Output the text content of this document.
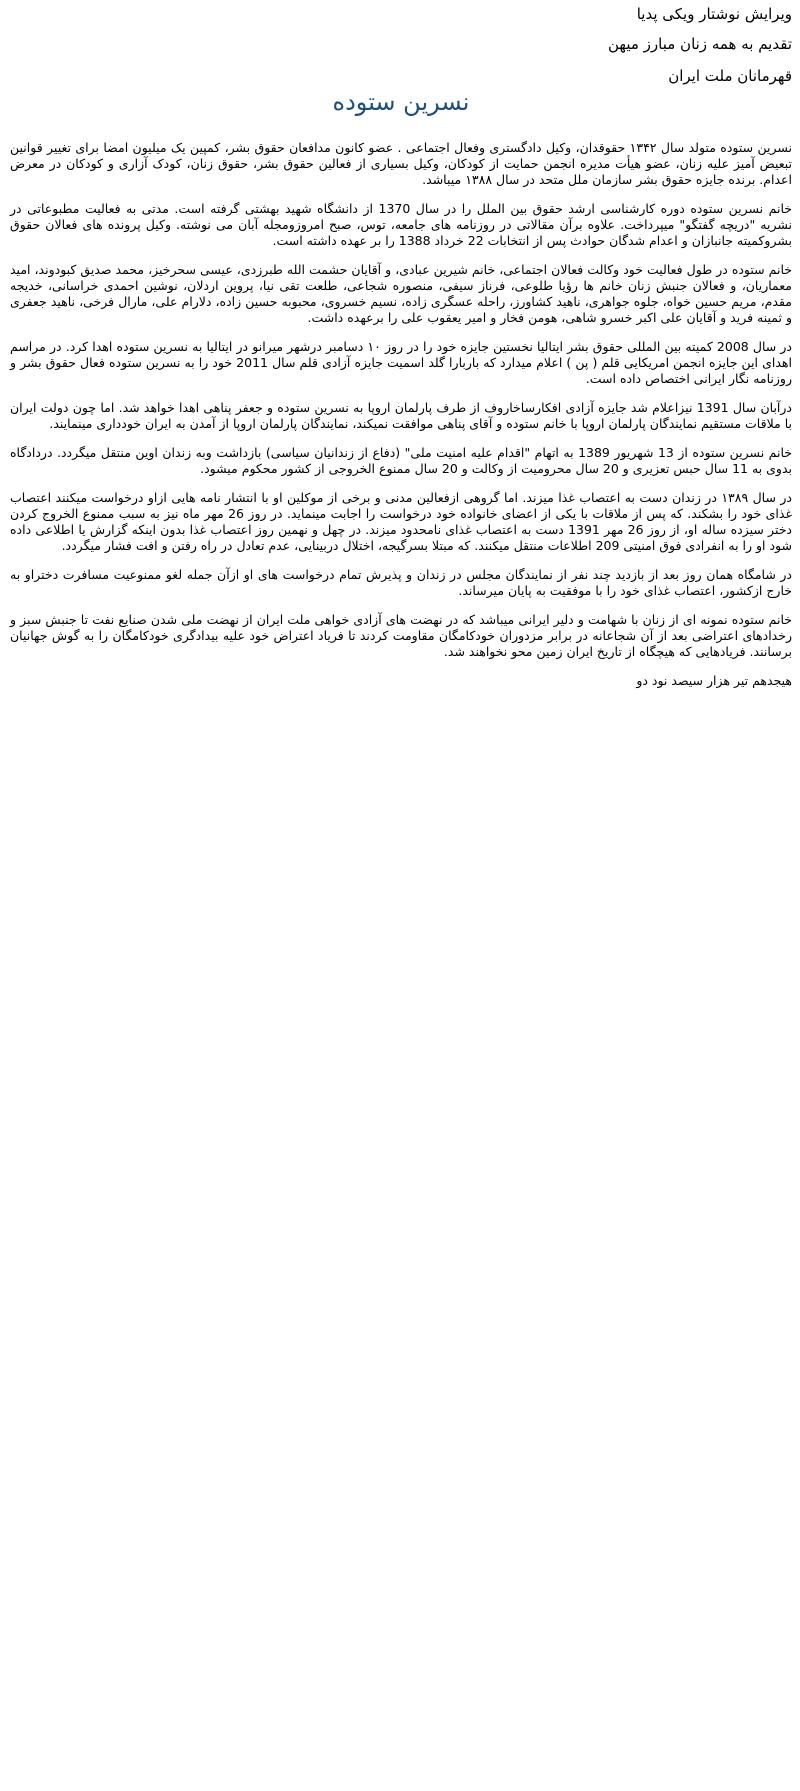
ویرایش نوشتار ویکی پدیا

تقدیم به همه زنان مبارز میهن

قهرمانان ملت ایران

نسرین ستوده

نسرین ستوده متولد سال ۱۳۴۲ حقوقدان، وکیل دادگستری وفعال اجتماعی . عضو کانون مدافعان حقوق بشر، کمپین یک میلیون امضا برای تغییر قوانین تبعیض آمیز علیه زنان، عضو هیأت مدیره انجمن حمایت از کودکان، وکیل بسیاری از فعالین حقوق بشر، حقوق زنان، کودک آزاری و کودکان در معرض اعدام. برنده جایزه حقوق بشر سازمان ملل متحد در سال ۱۳۸۸ میباشد.

خانم نسرین ستوده دوره کارشناسی ارشد حقوق بین الملل را در سال 1370 از دانشگاه شهید بهشتی گرفته است. مدتی به فعالیت مطبوعاتی در نشریه "دریچه گفتگو" میپرداخت. علاوه برآن مقالاتی در روزنامه های جامعه، توس، صبح امروزومجله آبان می نوشته. وکیل پرونده های فعالان حقوق بشروکمیته جانبازان و اعدام شدگان حوادث پس از انتخابات 22 خرداد 1388 را بر عهده داشته است.

خانم ستوده در طول فعالیت خود وکالت فعالان اجتماعی، خانم شیرین عبادی، و آقایان حشمت الله طبرزدی، عیسی سحرخیز، محمد صدیق کبودوند، امید معماریان، و فعالان جنبش زنان خانم ها رؤیا طلوعی، فرناز سیفی، منصوره شجاعی، طلعت تقی نیا، پروین اردلان، نوشین احمدی خراسانی، خدیجه مقدم، مریم حسین خواه، جلوه جواهری، ناهید کشاورز، راحله عسگری زاده، نسیم خسروی، محبوبه حسین زاده، دلارام علی، مارال فرخی، ناهید جعفری و ثمینه فرید و آقایان علی اکبر خسرو شاهی، هومن فخار و امیر یعقوب علی را برعهده داشت.

در سال 2008 کمیته بین المللی حقوق بشر ایتالیا نخستین جایزه خود را در روز ۱۰ دسامبر درشهر میرانو در ایتالیا به نسرین ستوده اهدا کرد. در مراسم اهدای این جایزه انجمن امریکایی قلم ( پن ) اعلام میدارد که باربارا گلد اسمیت جایزه آزادی قلم سال 2011 خود را به نسرین ستوده فعال حقوق بشر و روزنامه نگار ایرانی اختصاص داده است.

درآبان سال 1391 نیزاعلام شد جایزه آزادی افکارساخاروف از طرف پارلمان اروپا به نسرین ستوده و جعفر پناهی اهدا خواهد شد. اما چون دولت ایران با ملاقات مستقیم نمایندگان پارلمان اروپا با خانم ستوده و آقای پناهی موافقت نمیکند، نمایندگان پارلمان اروپا از آمدن به ایران خودداری مینمایند.

خانم نسرین ستوده از 13 شهریور 1389 به اتهام "اقدام علیه امنیت ملی" (دفاع از زندانیان سیاسی) بازداشت وبه زندان اوین منتقل میگردد. دردادگاه بدوی به 11 سال حبس تعزیری و 20 سال محرومیت از وکالت و 20 سال ممنوع الخروجی از کشور محکوم میشود.

در سال ۱۳۸۹ در زندان دست به اعتصاب غذا میزند. اما گروهی ازفعالین مدنی و برخی از موکلین او با انتشار نامه هایی ازاو درخواست میکنند اعتصاب غذای خود را بشکند. که پس از ملاقات با یکی از اعضای خانواده خود درخواست را اجابت مینماید. در روز 26 مهر ماه نیز به سبب ممنوع الخروج کردن دختر سیزده ساله او، از روز 26 مهر 1391 دست به اعتصاب غذای نامحدود میزند. در چهل و نهمین روز اعتصاب غذا بدون اینکه گزارش یا اطلاعی داده شود او را به انفرادی فوق امنیتی 209 اطلاعات منتقل میکنند. که مبتلا بسرگیجه، اختلال دربینایی، عدم تعادل در راه رفتن و افت فشار میگردد.

در شامگاه همان روز بعد از بازدید چند نفر از نمایندگان مجلس در زندان و پذیرش تمام درخواست های او ازآن جمله لغو ممنوعیت مسافرت دختراو به خارج ازکشور، اعتصاب غذای خود را با موفقیت به پایان میرساند.

خانم ستوده نمونه ای از زنان با شهامت و دلیر ایرانی میباشد که در نهضت های آزادی خواهی ملت ایران از نهضت ملی شدن صنایع نفت تا جنبش سبز و رخدادهای اعتراضی بعد از آن شجاعانه در برابر مزدوران خودکامگان مقاومت کردند تا فریاد اعتراض خود علیه بیدادگری خودکامگان را به گوش جهانیان برسانند. فریادهایی که هیچگاه از تاریخ ایران زمین محو نخواهند شد.

هیجدهم تیر هزار سیصد نود دو
